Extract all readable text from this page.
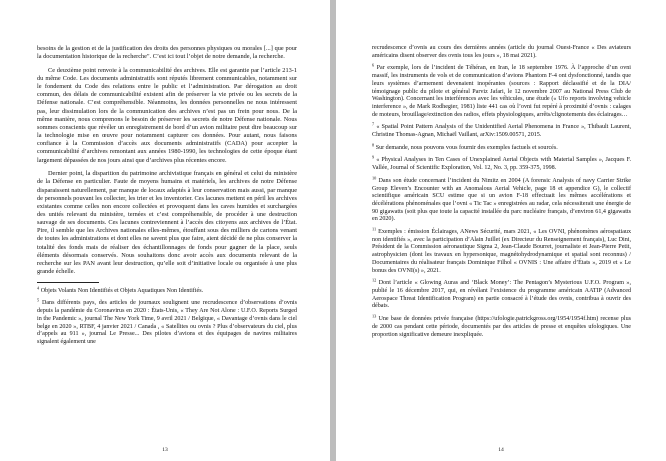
besoins de la gestion et de la justification des droits des personnes physiques ou morales [...] que pour la documentation historique de la recherche". C’est ici tout l’objet de notre demande, la recherche.

Ce deuxième point renvoie à la communicabilité des archives. Elle est garantie par l’article 213-1 du même Code. Les documents administratifs sont réputés librement communicables, notamment sur le fondement du Code des relations entre le public et l’administration. Par dérogation au droit commun, des délais de communicabilité existent afin de préserver la vie privée ou les secrets de la Défense nationale. C’est compréhensible. Néanmoins, les données personnelles ne nous intéressent pas, leur dissimulation lors de la communication des archives n’est pas un frein pour nous. De la même manière, nous comprenons le besoin de préserver les secrets de notre Défense nationale. Nous sommes conscients que révéler un enregistrement de bord d’un avion militaire peut dire beaucoup sur la technologie mise en œuvre pour notamment capturer ces données. Pour autant, nous faisons confiance à la Commission d’accès aux documents administratifs (CADA) pour accepter la communicabilité d’archives remontant aux années 1980-1990, les technologies de cette époque étant largement dépassées de nos jours ainsi que d’archives plus récentes encore.

Dernier point, la disparition du patrimoine archivistique français en général et celui du ministère de la Défense en particulier. Faute de moyens humains et matériels, les archives de notre Défense disparaissent naturellement, par manque de locaux adaptés à leur conservation mais aussi, par manque de personnels pouvant les collecter, les trier et les inventorier. Ces lacunes mettent en péril les archives existantes comme celles non encore collectées et provoquent dans les caves humides et surchargées des unités relevant du ministère, ternées et c’est compréhensible, de procéder à une destruction sauvage de ses documents. Ces lacunes contreviennent à l’accès des citoyens aux archives de l’État. Pire, il semble que les Archives nationales elles-mêmes, étouffant sous des milliers de cartons venant de toutes les administrations et dont elles ne savent plus que faire, aient décidé de ne plus conserver la totalité des fonds mais de réaliser des échantillonnages de fonds pour gagner de la place, seuls éléments désormais conservés. Nous souhaitons donc avoir accès aux documents relevant de la recherche sur les PAN avant leur destruction, qu’elle soit d’initiative locale ou organisée à une plus grande échelle.

$^4$ Objets Volants Non Identifiés et Objets Aquatiques Non Identifiés.

$^5$ Dans différents pays, des articles de journaux soulignent une recrudescence d’observations d’ovnis depuis la pandémie du Coronavirus en 2020 : États-Unis, « They Are Not Alone : U.F.O. Reports Surged in the Pandemic », journal The New York Time, 9 avril 2021 / Belgique, « Davantage d’ovnis dans le ciel belge en 2020 », RTBF, 4 janvier 2021 / Canada , « Satellites ou ovnis ? Plus d’observateurs du ciel, plus d’appels au 911 », journal Le Presse... Des pilotes d’avions et des équipages de navires militaires signalent également une

13

recrudescence d’ovnis au cours des dernières années (article du journal Ouest-France « Des aviateurs américains disent observer des ovnis tous les jours », 18 mai 2021).

$^6$ Par exemple, lors de l’incident de Téhéran, en Iran, le 18 septembre 1976. À l’approche d’un ovni massif, les instruments de vols et de communication d’avions Phantom F-4 ont dysfonctionné, tandis que leurs systèmes d’armement devenaient inopérantes (sources : Rapport déclassifié et de la DIA/ témoignage public du pilote et général Parviz Jafari, le 12 novembre 2007 au National Press Club de Washington). Concernant les interférences avec les véhicules, une étude (« Ufo reports involving vehicle interference », de Mark Rodhegier, 1981) liste 441 cas où l’ovni fut repéré à proximité d’ovnis : calages de moteurs, brouillage/extinction des radios, effets physiologiques, arrêts/clignotements des éclairages…

$^7$ « Spatial Point Pattern Analysis of the Unidentified Aerial Phenomena in France », Thibault Laurent, Christine Thomas-Agnan, Michaël Vaillant, arXiv:1509.00571, 2015.

$^8$ Sur demande, nous pouvons vous fournir des exemples factuels et sourcés.

$^9$ « Physical Analyses in Ten Cases of Unexplained Aerial Objects with Material Samples », Jacques F. Vallée, Journal of Scientific Exploration, Vol. 12, No. 3, pp. 359-375, 1998.

$^{10}$ Dans son étude concernant l’incident du Nimitz en 2004 (A forensic Analysis of navy Carrier Strike Group Eleven’s Encounter with an Anomalous Aerial Vehicle, page 18 et appendice G), le collectif scientifique américain SCU estime que si un avion F-18 effectuait les mêmes accélérations et décélérations phénoménales que l’ovni « Tic Tac » enregistrées au radar, cela nécessiterait une énergie de 90 gigawatts (soit plus que toute la capacité installée du parc nucléaire français, d’environ 61,4 gigawatts en 2020).

$^{11}$ Exemples : émission Éclairages, ANews Sécurité, mars 2021, « Les OVNI, phénomènes aérospatiaux non identifiés », avec la participation d’Alain Juillet (ex Directeur du Renseignement français), Luc Dini, Président de la Commission aéronautique Sigma 2, Jean-Claude Bourret, journaliste et Jean-Pierre Petit, astrophysicien (dont les travaux en hypersonique, magnétohydrodynamique et spatial sont reconnus) / Documentaires du réalisateur français Dominique Filhol « OVNIS : Une affaire d’États », 2019 et « Le bonus des OVNI(s) », 2021.

$^{12}$ Dont l’article « Glowing Auras and ‘Black Money’: The Pentagon’s Mysterious U.F.O. Program », publié le 16 décembre 2017, qui, en révélant l’existence du programme américain AATIP (Advanced Aerospace Threat Identification Program) en partie consacré à l’étude des ovnis, contribua à ouvrir des débats.

$^{13}$ Une base de données privée française (https://ufologie.patrickgross.org/1954/1954f.htm) recense plus de 2000 cas pendant cette période, documentés par des articles de presse et enquêtes ufologiques. Une proportion significative demeure inexpliquée.

14
